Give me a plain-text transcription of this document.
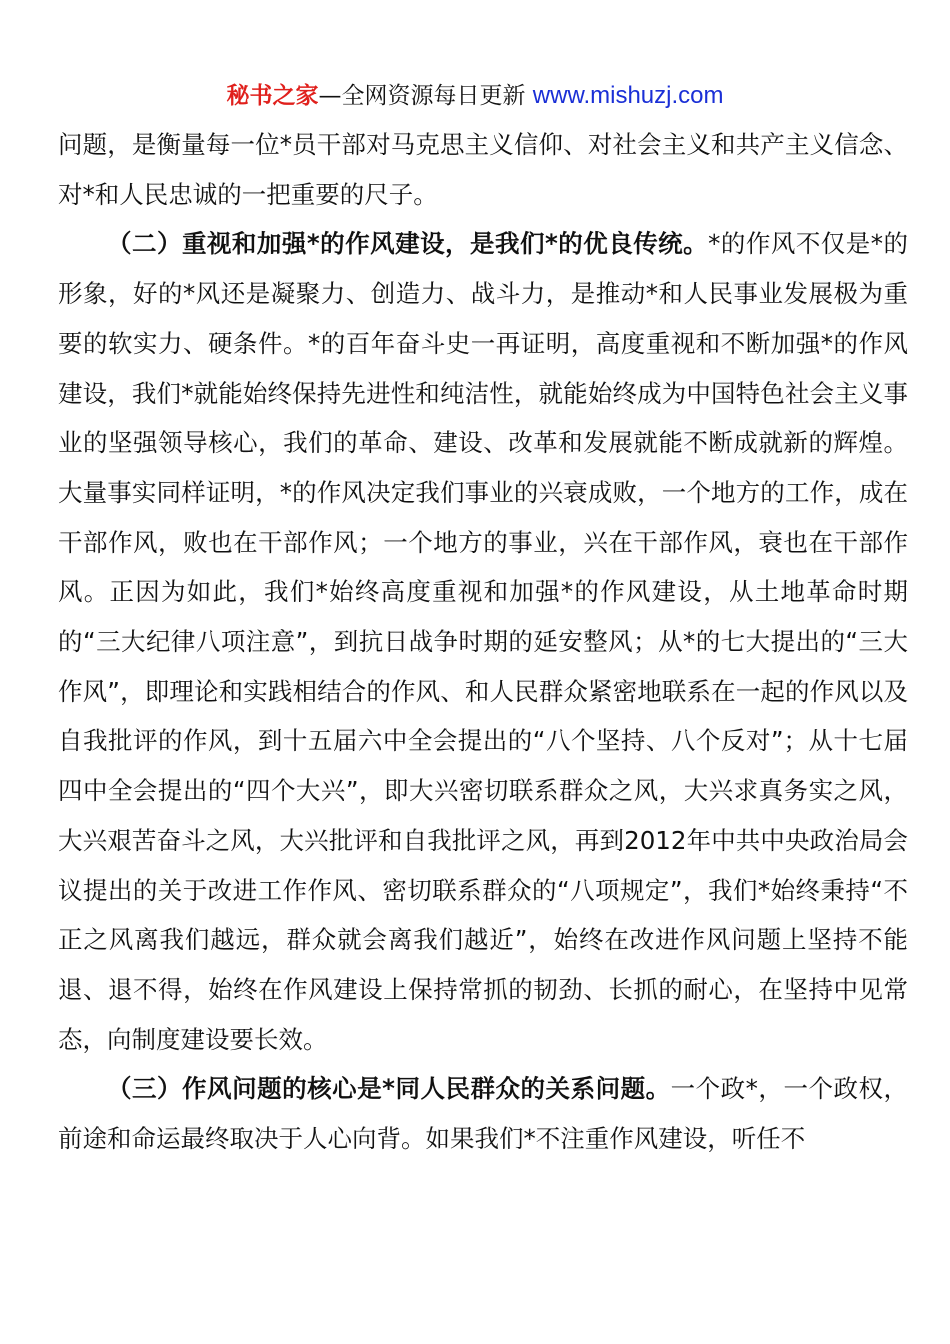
秘书之家—全网资源每日更新 www.mishuzj.com

问题，是衡量每一位*员干部对马克思主义信仰、对社会主义和共产主义信念、对*和人民忠诚的一把重要的尺子。

（二）重视和加强*的作风建设，是我们*的优良传统。*的作风不仅是*的形象，好的*风还是凝聚力、创造力、战斗力，是推动*和人民事业发展极为重要的软实力、硬条件。*的百年奋斗史一再证明，高度重视和不断加强*的作风建设，我们*就能始终保持先进性和纯洁性，就能始终成为中国特色社会主义事业的坚强领导核心，我们的革命、建设、改革和发展就能不断成就新的辉煌。大量事实同样证明，*的作风决定我们事业的兴衰成败，一个地方的工作，成在干部作风，败也在干部作风；一个地方的事业，兴在干部作风，衰也在干部作风。正因为如此，我们*始终高度重视和加强*的作风建设，从土地革命时期的“三大纪律八项注意”，到抗日战争时期的延安整风；从*的七大提出的“三大作风”，即理论和实践相结合的作风、和人民群众紧密地联系在一起的作风以及自我批评的作风，到十五届六中全会提出的“八个坚持、八个反对”；从十七届四中全会提出的“四个大兴”，即大兴密切联系群众之风，大兴求真务实之风，大兴艰苦奋斗之风，大兴批评和自我批评之风，再到2012年中共中央政治局会议提出的关于改进工作作风、密切联系群众的“八项规定”，我们*始终秉持“不正之风离我们越远，群众就会离我们越近”，始终在改进作风问题上坚持不能退、退不得，始终在作风建设上保持常抓的韧劲、长抓的耐心，在坚持中见常态，向制度建设要长效。

（三）作风问题的核心是*同人民群众的关系问题。一个政*，一个政权，前途和命运最终取决于人心向背。如果我们*不注重作风建设，听任不
